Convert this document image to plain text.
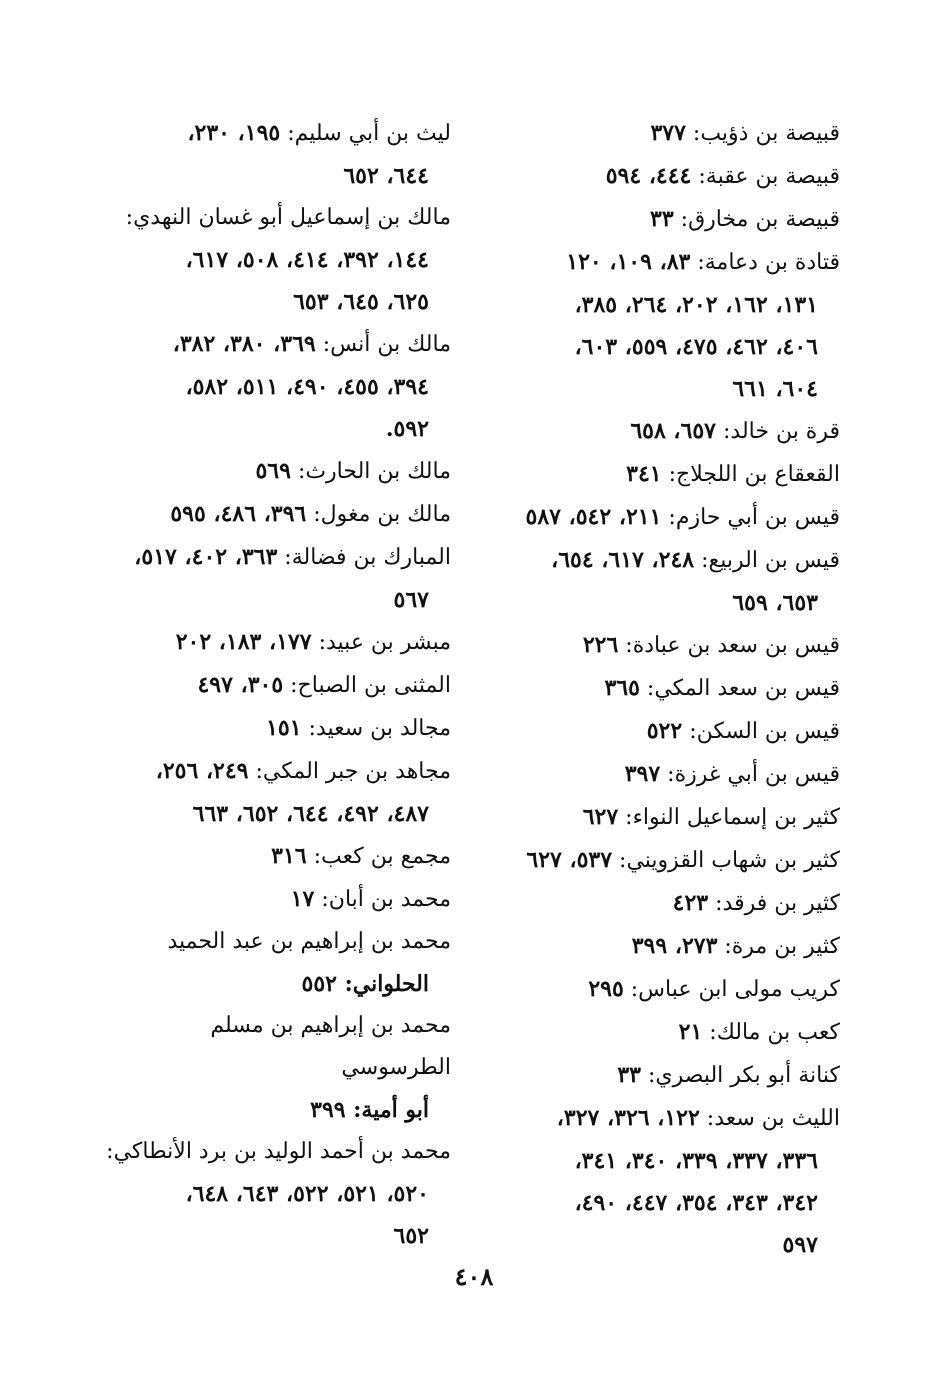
قبيصة بن ذؤيب: ٣٧٧
قبيصة بن عقبة: ٤٤٤، ٥٩٤
قبيصة بن مخارق: ٣٣
قتادة بن دعامة: ٨٣، ١٠٩، ١٢٠
١٣١، ١٦٢، ٢٠٢، ٢٦٤، ٣٨٥،
٤٠٦، ٤٦٢، ٤٧٥، ٥٥٩، ٦٠٣،
٦٠٤، ٦٦١
قرة بن خالد: ٦٥٧، ٦٥٨
القعقاع بن اللجلاج: ٣٤١
قيس بن أبي حازم: ٢١١، ٥٤٢، ٥٨٧
قيس بن الربيع: ٢٤٨، ٦١٧، ٦٥٤،
٦٥٣، ٦٥٩
قيس بن سعد بن عبادة: ٢٢٦
قيس بن سعد المكي: ٣٦٥
قيس بن السكن: ٥٢٢
قيس بن أبي غرزة: ٣٩٧
كثير بن إسماعيل النواء: ٦٢٧
كثير بن شهاب القزويني: ٥٣٧، ٦٢٧
كثير بن فرقد: ٤٢٣
كثير بن مرة: ٢٧٣، ٣٩٩
كريب مولى ابن عباس: ٢٩٥
كعب بن مالك: ٢١
كنانة أبو بكر البصري: ٣٣
الليث بن سعد: ١٢٢، ٣٢٦، ٣٢٧،
٣٣٦، ٣٣٧، ٣٣٩، ٣٤٠، ٣٤١،
٣٤٢، ٣٤٣، ٣٥٤، ٤٤٧، ٤٩٠،
٥٩٧
ليث بن أبي سليم: ١٩٥، ٢٣٠،
٦٤٤، ٦٥٢
مالك بن إسماعيل أبو غسان النهدي:
١٤٤، ٣٩٢، ٤١٤، ٥٠٨، ٦١٧،
٦٢٥، ٦٤٥، ٦٥٣
مالك بن أنس: ٣٦٩، ٣٨٠، ٣٨٢،
٣٩٤، ٤٥٥، ٤٩٠، ٥١١، ٥٨٢،
٥٩٢.
مالك بن الحارث: ٥٦٩
مالك بن مغول: ٣٩٦، ٤٨٦، ٥٩٥
المبارك بن فضالة: ٣٦٣، ٤٠٢، ٥١٧،
٥٦٧
مبشر بن عبيد: ١٧٧، ١٨٣، ٢٠٢
المثنى بن الصباح: ٣٠٥، ٤٩٧
مجالد بن سعيد: ١٥١
مجاهد بن جبر المكي: ٢٤٩، ٢٥٦،
٤٨٧، ٤٩٢، ٦٤٤، ٦٥٢، ٦٦٣
مجمع بن كعب: ٣١٦
محمد بن أبان: ١٧
محمد بن إبراهيم بن عبد الحميد
الحلواني: ٥٥٢
محمد بن إبراهيم بن مسلم الطرسوسي
أبو أمية: ٣٩٩
محمد بن أحمد الوليد بن برد الأنطاكي:
٥٢٠، ٥٢١، ٥٢٢، ٦٤٣، ٦٤٨،
٦٥٢
٤٠٨
